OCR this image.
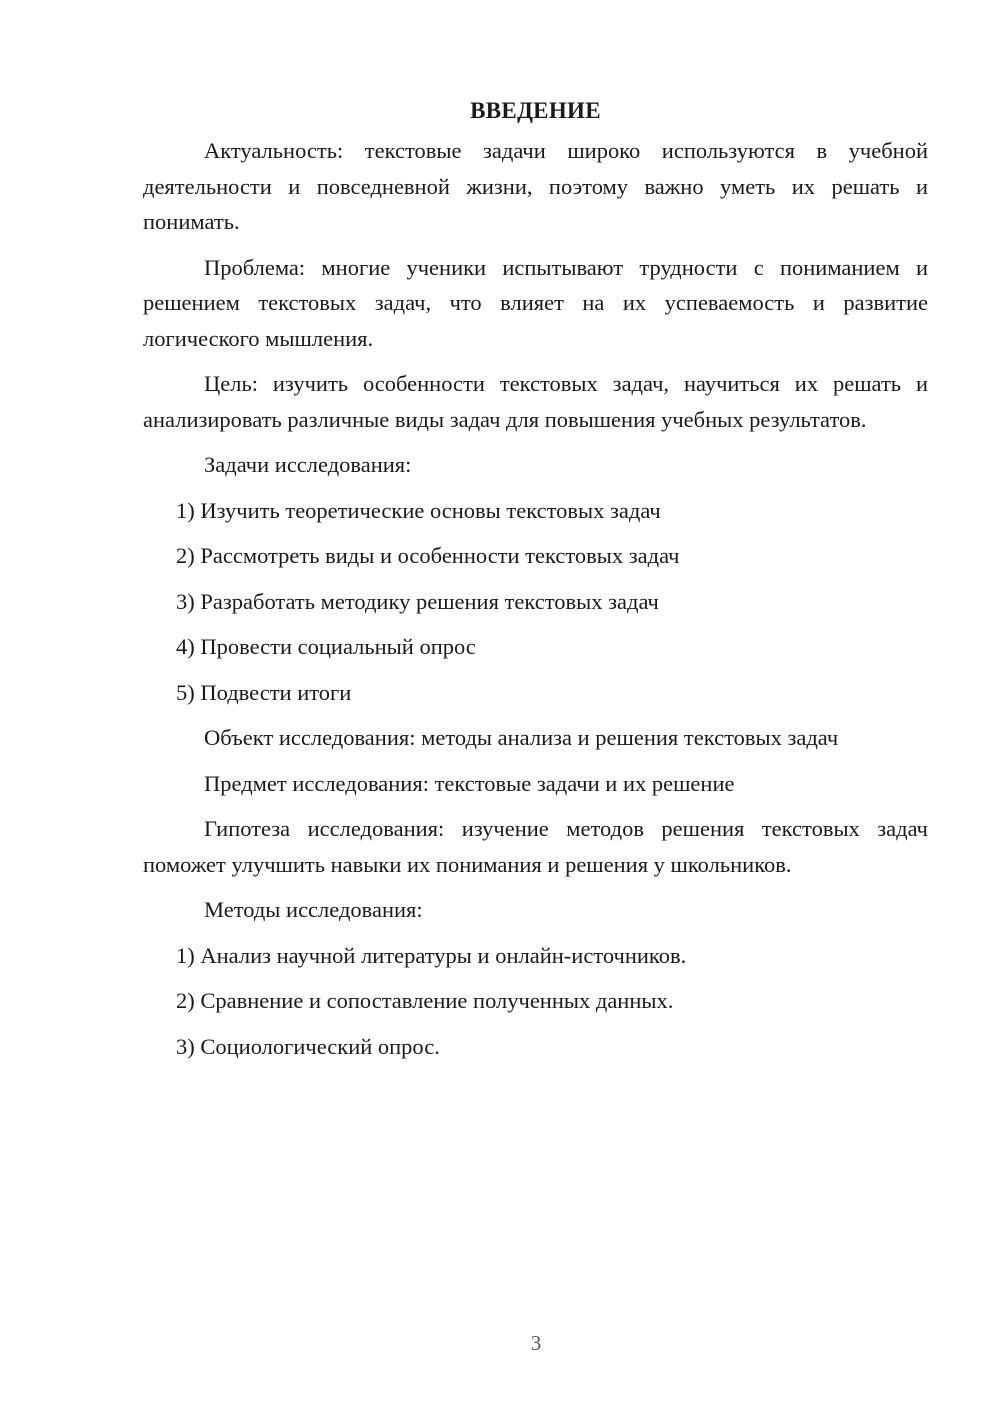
ВВЕДЕНИЕ

Актуальность: текстовые задачи широко используются в учебной деятельности и повседневной жизни, поэтому важно уметь их решать и понимать.

Проблема: многие ученики испытывают трудности с пониманием и решением текстовых задач, что влияет на их успеваемость и развитие логического мышления.

Цель: изучить особенности текстовых задач, научиться их решать и анализировать различные виды задач для повышения учебных результатов.

Задачи исследования:

1) Изучить теоретические основы текстовых задач

2) Рассмотреть виды и особенности текстовых задач

3) Разработать методику решения текстовых задач

4) Провести социальный опрос

5) Подвести итоги

Объект исследования: методы анализа и решения текстовых задач

Предмет исследования: текстовые задачи и их решение

Гипотеза исследования: изучение методов решения текстовых задач поможет улучшить навыки их понимания и решения у школьников.

Методы исследования:

1) Анализ научной литературы и онлайн-источников.

2) Сравнение и сопоставление полученных данных.

3) Социологический опрос.

3
